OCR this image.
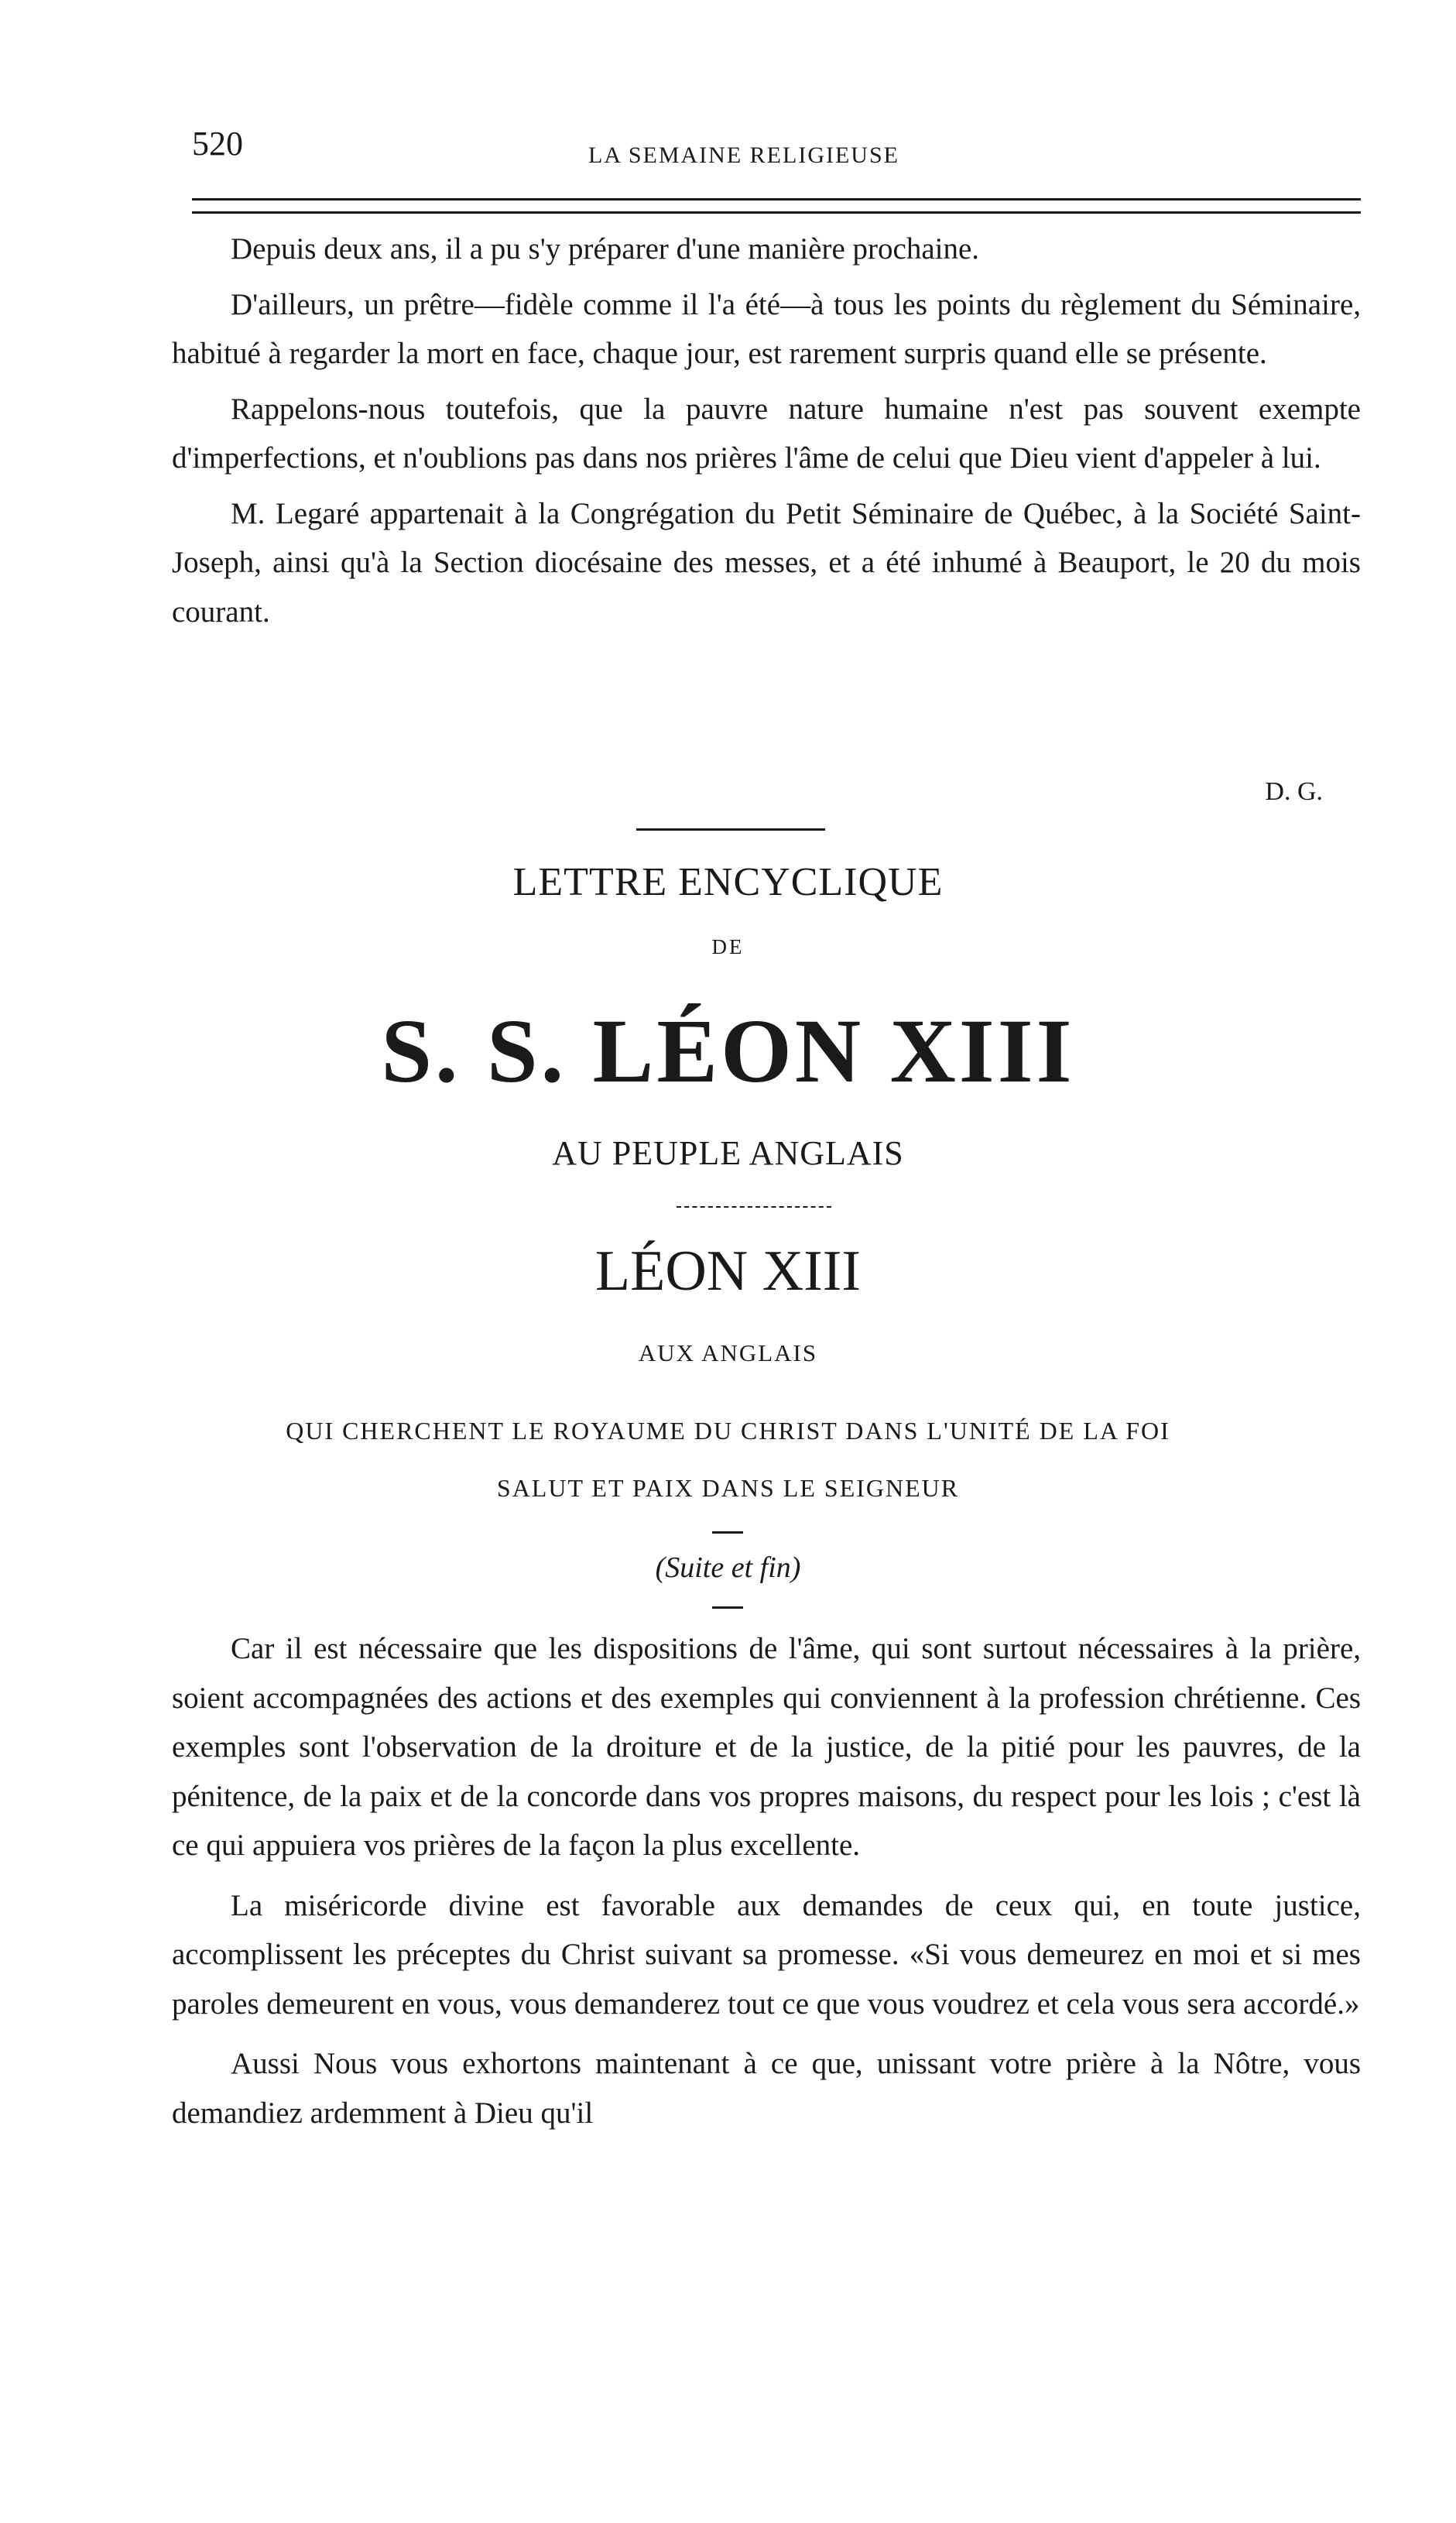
520	LA SEMAINE RELIGIEUSE

Depuis deux ans, il a pu s'y préparer d'une manière prochaine.

D'ailleurs, un prêtre—fidèle comme il l'a été—à tous les points du règlement du Séminaire, habitué à regarder la mort en face, chaque jour, est rarement surpris quand elle se présente.

Rappelons-nous toutefois, que la pauvre nature humaine n'est pas souvent exempte d'imperfections, et n'oublions pas dans nos prières l'âme de celui que Dieu vient d'appeler à lui.

M. Legaré appartenait à la Congrégation du Petit Séminaire de Québec, à la Société Saint-Joseph, ainsi qu'à la Section diocésaine des messes, et a été inhumé à Beauport, le 20 du mois courant.

D. G.
LETTRE ENCYCLIQUE
DE
S. S. LÉON XIII
AU PEUPLE ANGLAIS
LÉON XIII
AUX ANGLAIS
QUI CHERCHENT LE ROYAUME DU CHRIST DANS L'UNITÉ DE LA FOI
SALUT ET PAIX DANS LE SEIGNEUR
(Suite et fin)

Car il est nécessaire que les dispositions de l'âme, qui sont surtout nécessaires à la prière, soient accompagnées des actions et des exemples qui conviennent à la profession chrétienne. Ces exemples sont l'observation de la droiture et de la justice, de la pitié pour les pauvres, de la pénitence, de la paix et de la concorde dans vos propres maisons, du respect pour les lois ; c'est là ce qui appuiera vos prières de la façon la plus excellente.

La miséricorde divine est favorable aux demandes de ceux qui, en toute justice, accomplissent les préceptes du Christ suivant sa promesse. «Si vous demeurez en moi et si mes paroles demeurent en vous, vous demanderez tout ce que vous voudrez et cela vous sera accordé.»

Aussi Nous vous exhortons maintenant à ce que, unissant votre prière à la Nôtre, vous demandiez ardemment à Dieu qu'il
